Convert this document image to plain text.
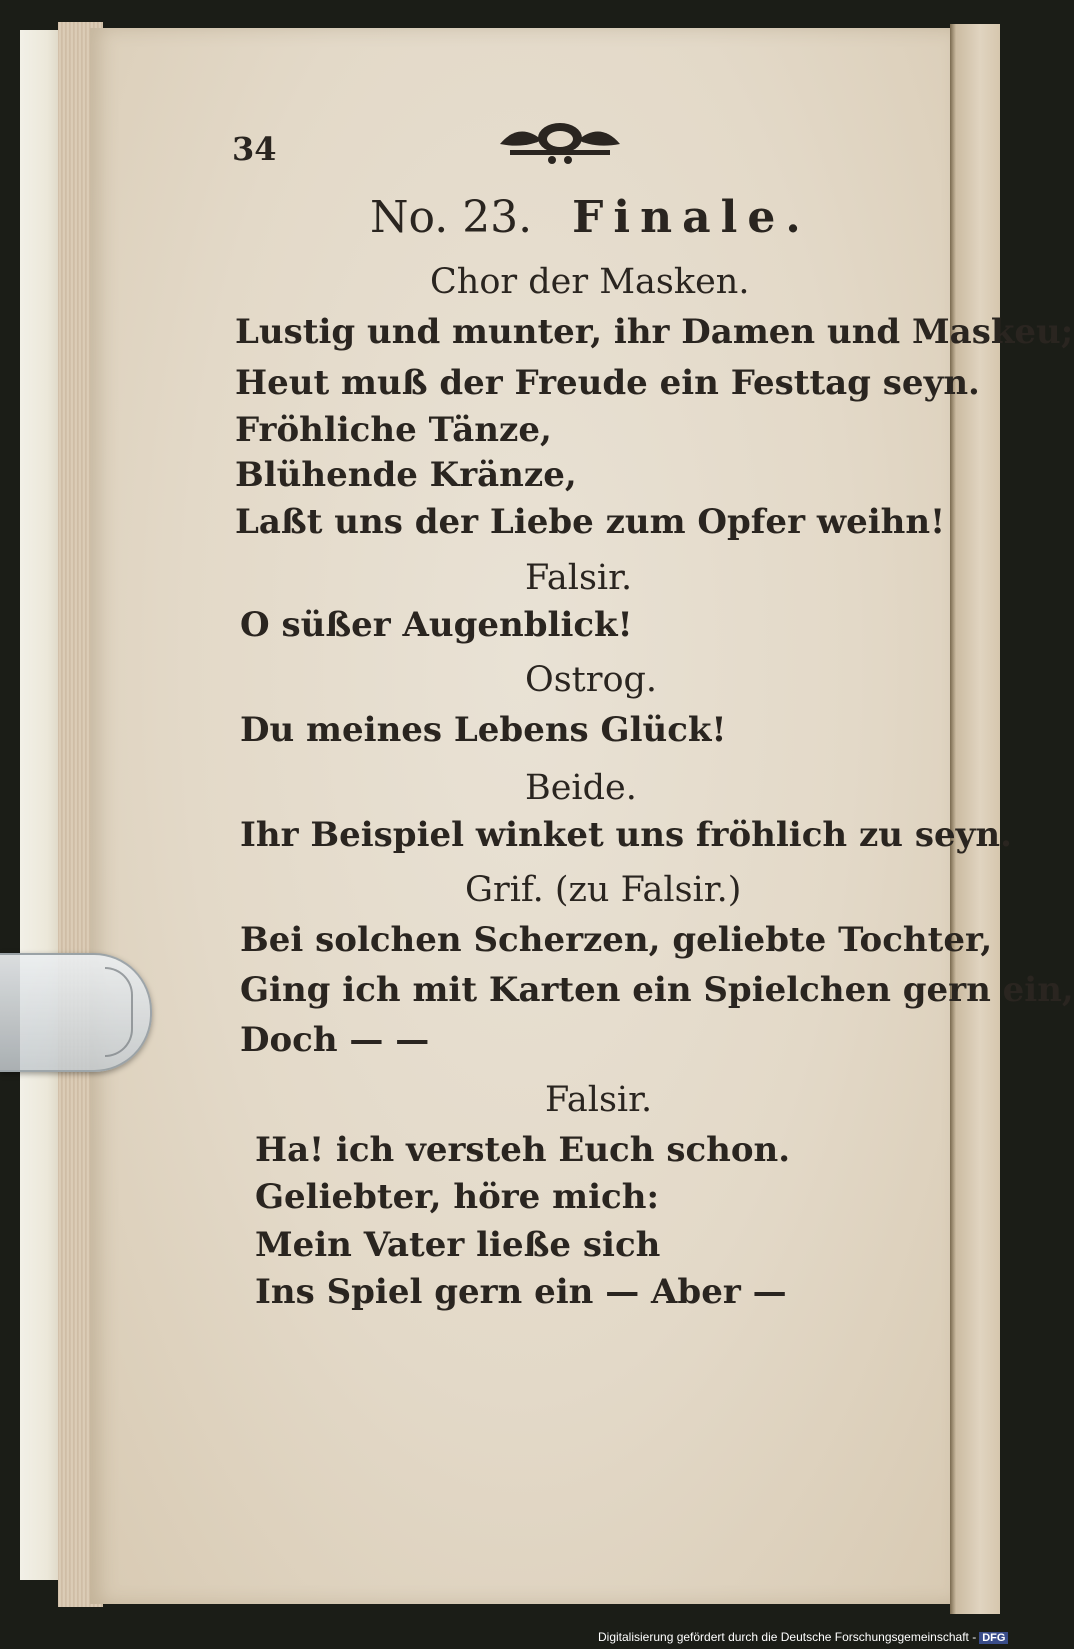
34
No. 23. Finale.
Chor der Masken.
Lustig und munter, ihr Damen und Maskeu;
Heut muß der Freude ein Festtag seyn.
Fröhliche Tänze,
Blühende Kränze,
Laßt uns der Liebe zum Opfer weihn!
Falsir.
O süßer Augenblick!
Ostrog.
Du meines Lebens Glück!
Beide.
Ihr Beispiel winket uns fröhlich zu seyn.
Grif. (zu Falsir.)
Bei solchen Scherzen, geliebte Tochter,
Ging ich mit Karten ein Spielchen gern ein,
Doch — —
Falsir.
Ha! ich versteh Euch schon.
Geliebter, höre mich:
Mein Vater ließe sich
Ins Spiel gern ein — Aber —
Digitalisierung gefördert durch die Deutsche Forschungsgemeinschaft - DFG
